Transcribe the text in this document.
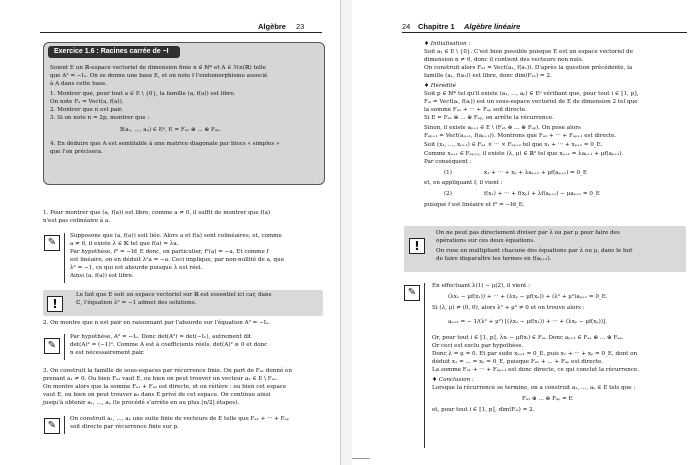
Algèbre 23
Exercice 1.6 : Racines carrée de −I
Soient E un ℝ-espace vectoriel de dimension finie n ∈ ℕ* et A ∈ ℳn(ℝ) telle
que A² = −Iₙ. On se donne une base E, et on note f l'endomorphisme associé
à A dans cette base.
1. Montrer que, pour tout a ∈ E \ {0}, la famille (a, f(a)) est libre.
On note Fₐ = Vect(a, f(a)).
2. Montrer que n est pair.
3. Si on note n = 2p, montrer que :
∃(a₁, ..., aₚ) ∈ Eᵖ, E = Fₐ₁ ⊕ ... ⊕ Fₐₚ.
4. En déduire que A est semblable à une matrice diagonale par blocs « simples »
que l'on précisera.
1. Pour montrer que (a, f(a)) est libre, comme a ≠ 0, il suffit de montrer que f(a)
n'est pas colinéaire à a.
✎
Supposons que (a, f(a)) soit liée. Alors a et f(a) sont colinéaires, et, comme
a ≠ 0, il existe λ ∈ 𝕂 tel que f(a) = λa.
Par hypothèse, f² = −Id_E donc, en particulier, f²(a) = −a. Et comme f
est linéaire, on en déduit λ²a = −a. Ceci implique, par non-nullité de a, que
λ² = −1, ce qui est absurde puisque λ est réel.
Ainsi (a, f(a)) est libre.
!
Le fait que E soit un espace vectoriel sur ℝ est essentiel ici car, dans
ℂ, l'équation λ² = −1 admet des solutions.
2. On montre que n est pair en raisonnant par l'absurde sur l'équation A² = −Iₙ.
✎
Par hypothèse, A² = −Iₙ. Donc det(A²) = det(−Iₙ), autrement dit
det(A)² = (−1)ⁿ. Comme A est à coefficients réels, det(A)² ≥ 0 et donc
n est nécessairement pair.
3. On construit la famille de sous-espaces par récurrence finie. On part de Fₐ₁ donné en
prenant a₁ ≠ 0. Ou bien Fₐ₁ vaut E, ou bien on peut trouver un vecteur a₂ ∈ E \ Fₐ₁.
On montre alors que la somme Fₐ₁ + Fₐ₂ est directe, et on réitère : ou bien cet espace
vaut E, ou bien on peut trouver a₃ dans E privé de cet espace. On continue ainsi
jusqu'à obtenir a₁, ..., aₚ (le procédé s'arrête en au plus ⌊n/2⌋ étapes).
✎
On construit a₁, ..., aₚ une suite finie de vecteurs de E telle que Fₐ₁ + ··· + Fₐₚ
soit directe par récurrence finie sur p.
24 Chapitre 1 Algèbre linéaire
♦ Initialisation :
Soit a₁ ∈ E \ {0}. C'est bien possible puisque E est un espace vectoriel de
dimension n ≠ 0, donc il contient des vecteurs non nuls.
On construit alors Fₐ₁ = Vect(a₁, f(a₁)). D'après la question précédente, la
famille (a₁, f(a₁)) est libre, donc dim(Fₐ₁) = 2.
♦ Hérédité
Soit p ∈ ℕ* tel qu'il existe (a₁, ..., aₚ) ∈ Eᵖ vérifiant que, pour tout i ∈ ⟦1, p⟧,
Fₐᵢ = Vect(aᵢ, f(aᵢ)) est un sous-espace vectoriel de E de dimension 2 tel que
la somme Fₐ₁ + ··· + Fₐₚ soit directe.
Si E = Fₐ₁ ⊕ ... ⊕ Fₐₚ, on arrête la récurrence.
Sinon, il existe aₚ₊₁ ∈ E \ (Fₐ₁ ⊕ ... ⊕ Fₐₚ). On pose alors
Fₐₚ₊₁ = Vect(aₚ₊₁, f(aₚ₊₁)). Montrons que Fₐ₁ + ··· + Fₐₚ₊₁ est directe.
Soit (x₁, ..., xₚ₊₁) ∈ Fₐ₁ × ··· × Fₐₚ₊₁ tel que x₁ + ··· + xₚ₊₁ = 0_E.
Comme xₚ₊₁ ∈ Fₐₚ₊₁, il existe (λ, μ) ∈ ℝ² tel que xₚ₊₁ = λaₚ₊₁ + μf(aₚ₊₁).
Par conséquent :
(1)	x₁ + ··· + xₚ + λaₚ₊₁ + μf(aₚ₊₁) = 0_E
et, en appliquant f, il vient :
(2)	f(x₁) + ··· + f(xₚ) + λf(aₚ₊₁) − μaₚ₊₁ = 0_E
puisque f est linéaire et f² = −Id_E.
!
On ne peut pas directement diviser par λ ou par μ pour faire des
opérations sur ces deux équations.
On ruse en multipliant chacune des équations par λ ou μ, dans le but
de faire disparaître les termes en f(aₚ₊₁).
✎
En effectuant λ(1) − μ(2), il vient :
(λx₁ − μf(x₁)) + ··· + (λxₚ − μf(xₚ)) + (λ² + μ²)aₚ₊₁ = 0_E.
Si (λ, μ) ≠ (0, 0), alors λ² + μ² ≠ 0 et on trouve alors :
aₚ₊₁ = − 1/(λ² + μ²) [(λx₁ − μf(x₁)) + ··· + (λxₚ − μf(xₚ))].
Or, pour tout i ∈ ⟦1, p⟧, λxᵢ − μf(xᵢ) ∈ Fₐᵢ. Donc aₚ₊₁ ∈ Fₐ₁ ⊕ ... ⊕ Fₐₚ.
Or ceci est exclu par hypothèse.
Donc λ = μ = 0. Et par suite xₚ₊₁ = 0_E, puis x₁ + ··· + xₚ = 0_E, dont on
déduit x₁ = ... = xₚ = 0_E, puisque Fₐ₁ + ... + Fₐₚ est directe.
La somme Fₐ₁ + ··· + Fₐₚ₊₁ est donc directe, ce qui conclut la récurrence.
♦ Conclusion :
Lorsque la récurrence se termine, on a construit a₁, ..., aₚ ∈ E tels que :
Fₐ₁ ⊕ ... ⊕ Fₐₚ = E
et, pour tout i ∈ ⟦1, p⟧, dim(Fₐᵢ) = 2.
